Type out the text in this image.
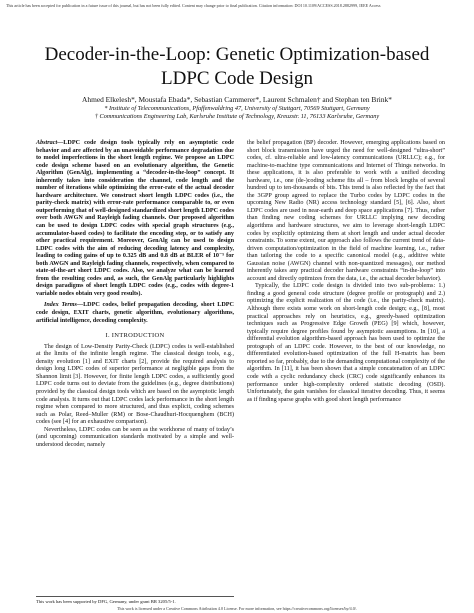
This article has been accepted for publication in a future issue of this journal, but has not been fully edited. Content may change prior to final publication. Citation information: DOI 10.1109/ACCESS.2018.2882999, IEEE Access
Decoder-in-the-Loop: Genetic Optimization-based
LDPC Code Design
Ahmed Elkelesh*, Moustafa Ebada*, Sebastian Cammerer*, Laurent Schmalen† and Stephan ten Brink*
* Institute of Telecommunications, Pfaffenwaldring 47, University of Stuttgart, 70569 Stuttgart, Germany
† Communications Engineering Lab, Karlsruhe Institute of Technology, Kreuzstr. 11, 76133 Karlsruhe, Germany

Abstract—LDPC code design tools typically rely on asymptotic code behavior and are affected by an unavoidable performance degradation due to model imperfections in the short length regime. We propose an LDPC code design scheme based on an evolutionary algorithm, the Genetic Algorithm (GenAlg), implementing a “decoder-in-the-loop” concept. It inherently takes into consideration the channel, code length and the number of iterations while optimizing the error-rate of the actual decoder hardware architecture. We construct short length LDPC codes (i.e., the parity-check matrix) with error-rate performance comparable to, or even outperforming that of well-designed standardized short length LDPC codes over both AWGN and Rayleigh fading channels. Our proposed algorithm can be used to design LDPC codes with special graph structures (e.g., accumulator-based codes) to facilitate the encoding step, or to satisfy any other practical requirement. Moreover, GenAlg can be used to design LDPC codes with the aim of reducing decoding latency and complexity, leading to coding gains of up to 0.325 dB and 0.8 dB at BLER of 10⁻⁵ for both AWGN and Rayleigh fading channels, respectively, when compared to state-of-the-art short LDPC codes. Also, we analyze what can be learned from the resulting codes and, as such, the GenAlg particularly highlights design paradigms of short length LDPC codes (e.g., codes with degree-1 variable nodes obtain very good results).

Index Terms—LDPC codes, belief propagation decoding, short LDPC code design, EXIT charts, genetic algorithm, evolutionary algorithms, artificial intelligence, decoding complexity.

I. INTRODUCTION

The design of Low-Density Parity-Check (LDPC) codes is well-established at the limits of the infinite length regime. The classical design tools, e.g., density evolution [1] and EXIT charts [2], provide the required analysis to design long LDPC codes of superior performance at negligible gaps from the Shannon limit [3]. However, for finite length LDPC codes, a sufficiently good LDPC code turns out to deviate from the guidelines (e.g., degree distributions) provided by the classical design tools which are based on the asymptotic length code analysis. It turns out that LDPC codes lack performance in the short length regime when compared to more structured, and thus explicit, coding schemes such as Polar, Reed–Muller (RM) or Bose-Chaudhuri-Hocquenghem (BCH) codes (see [4] for an exhaustive comparison).

Nevertheless, LDPC codes can be seen as the workhorse of many of today’s (and upcoming) communication standards motivated by a simple and well-understood decoder, namely

the belief propagation (BP) decoder. However, emerging applications based on short block transmission have urged the need for well-designed “ultra-short” codes, cf. ultra-reliable and low-latency communications (URLLC); e.g., for machine-to-machine type communications and Internet of Things networks. In these applications, it is also preferable to work with a unified decoding hardware, i.e., one (de-)coding scheme fits all – from block lengths of several hundred up to ten-thousands of bits. This trend is also reflected by the fact that the 3GPP group agreed to replace the Turbo codes by LDPC codes in the upcoming New Radio (NR) access technology standard [5], [6]. Also, short LDPC codes are used in near-earth and deep space applications [7]. Thus, rather than finding new coding schemes for URLLC implying new decoding algorithms and hardware structures, we aim to leverage short-length LDPC codes by explicitly optimizing them at short length and under actual decoder constraints. To some extent, our approach also follows the current trend of data-driven computation/optimization in the field of machine learning, i.e., rather than tailoring the code to a specific canonical model (e.g., additive white Gaussian noise (AWGN) channel with non-quantized messages), our method inherently takes any practical decoder hardware constraints “in-the-loop” into account and directly optimizes from the data, i.e., the actual decoder behavior).

Typically, the LDPC code design is divided into two sub-problems: 1.) finding a good general code structure (degree profile or protograph) and 2.) optimizing the explicit realization of the code (i.e., the parity-check matrix). Although there exists some work on short-length code design; e.g., [8], most practical approaches rely on heuristics, e.g., greedy-based optimization techniques such as Progressive Edge Growth (PEG) [9] which, however, typically require degree profiles found by asymptotic assumptions. In [10], a differential evolution algorithm-based approach has been used to optimize the protograph of an LDPC code. However, to the best of our knowledge, no differentiated evolution-based optimization of the full H-matrix has been reported so far, probably, due to the demanding computational complexity of the algorithm. In [11], it has been shown that a simple concatenation of an LDPC code with a cyclic redundancy check (CRC) code significantly enhances its performance under high-complexity ordered statistic decoding (OSD). Unfortunately, the gain vanishes for classical iterative decoding. Thus, it seems as if finding sparse graphs with good short length performance

This work has been supported by DFG, Germany, under grant BR 3205/5-1.
This work is licensed under a Creative Commons Attribution 4.0 License. For more information, see https://creativecommons.org/licenses/by/4.0/.
